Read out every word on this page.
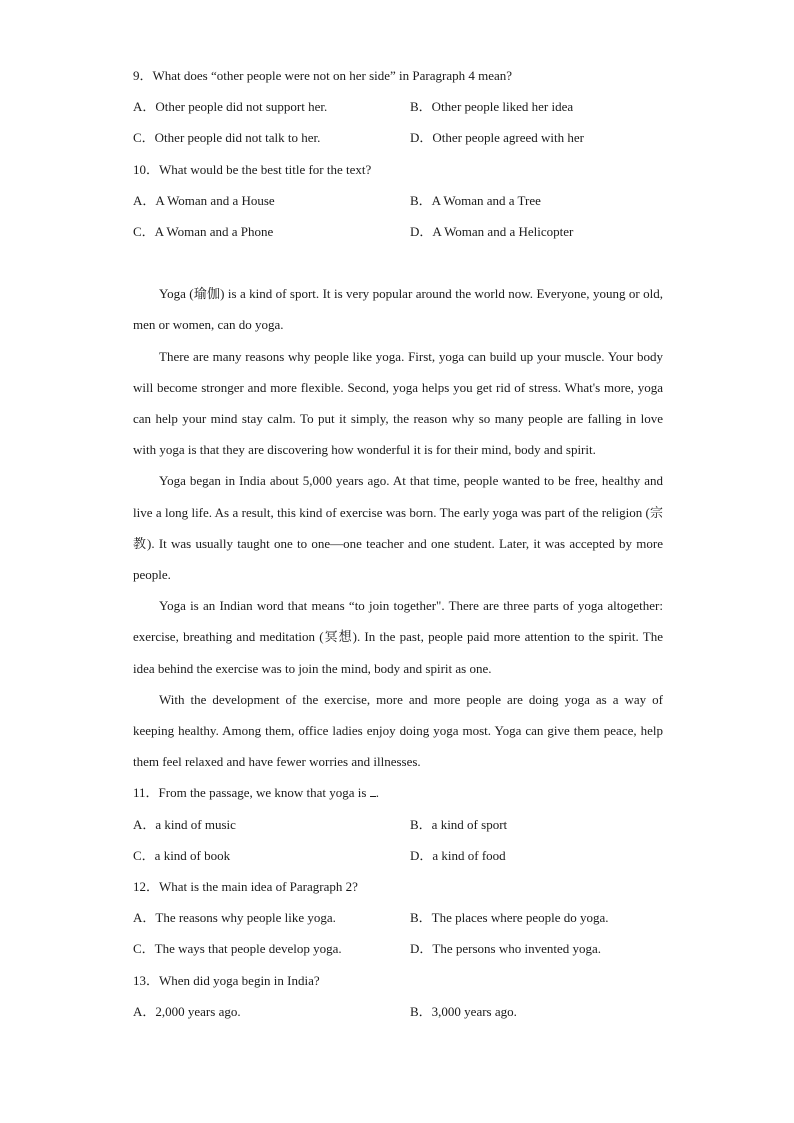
9．What does “other people were not on her side” in Paragraph 4 mean?
A．Other people did not support her.	B．Other people liked her idea
C．Other people did not talk to her.	D．Other people agreed with her
10．What would be the best title for the text?
A．A Woman and a House	B．A Woman and a Tree
C．A Woman and a Phone	D．A Woman and a Helicopter

Yoga (瑜伽) is a kind of sport. It is very popular around the world now. Everyone, young or old, men or women, can do yoga.

There are many reasons why people like yoga. First, yoga can build up your muscle. Your body will become stronger and more flexible. Second, yoga helps you get rid of stress. What's more, yoga can help your mind stay calm. To put it simply, the reason why so many people are falling in love with yoga is that they are discovering how wonderful it is for their mind, body and spirit.

Yoga began in India about 5,000 years ago. At that time, people wanted to be free, healthy and live a long life. As a result, this kind of exercise was born. The early yoga was part of the religion (宗教). It was usually taught one to one—one teacher and one student. Later, it was accepted by more people.

Yoga is an Indian word that means “to join together". There are three parts of yoga altogether: exercise, breathing and meditation (冥想). In the past, people paid more attention to the spirit. The idea behind the exercise was to join the mind, body and spirit as one.

With the development of the exercise, more and more people are doing yoga as a way of keeping healthy. Among them, office ladies enjoy doing yoga most. Yoga can give them peace, help them feel relaxed and have fewer worries and illnesses.

11．From the passage, we know that yoga is .
A．a kind of music	B．a kind of sport
C．a kind of book	D．a kind of food
12．What is the main idea of Paragraph 2?
A．The reasons why people like yoga.	B．The places where people do yoga.
C．The ways that people develop yoga.	D．The persons who invented yoga.
13．When did yoga begin in India?
A．2,000 years ago.	B．3,000 years ago.
